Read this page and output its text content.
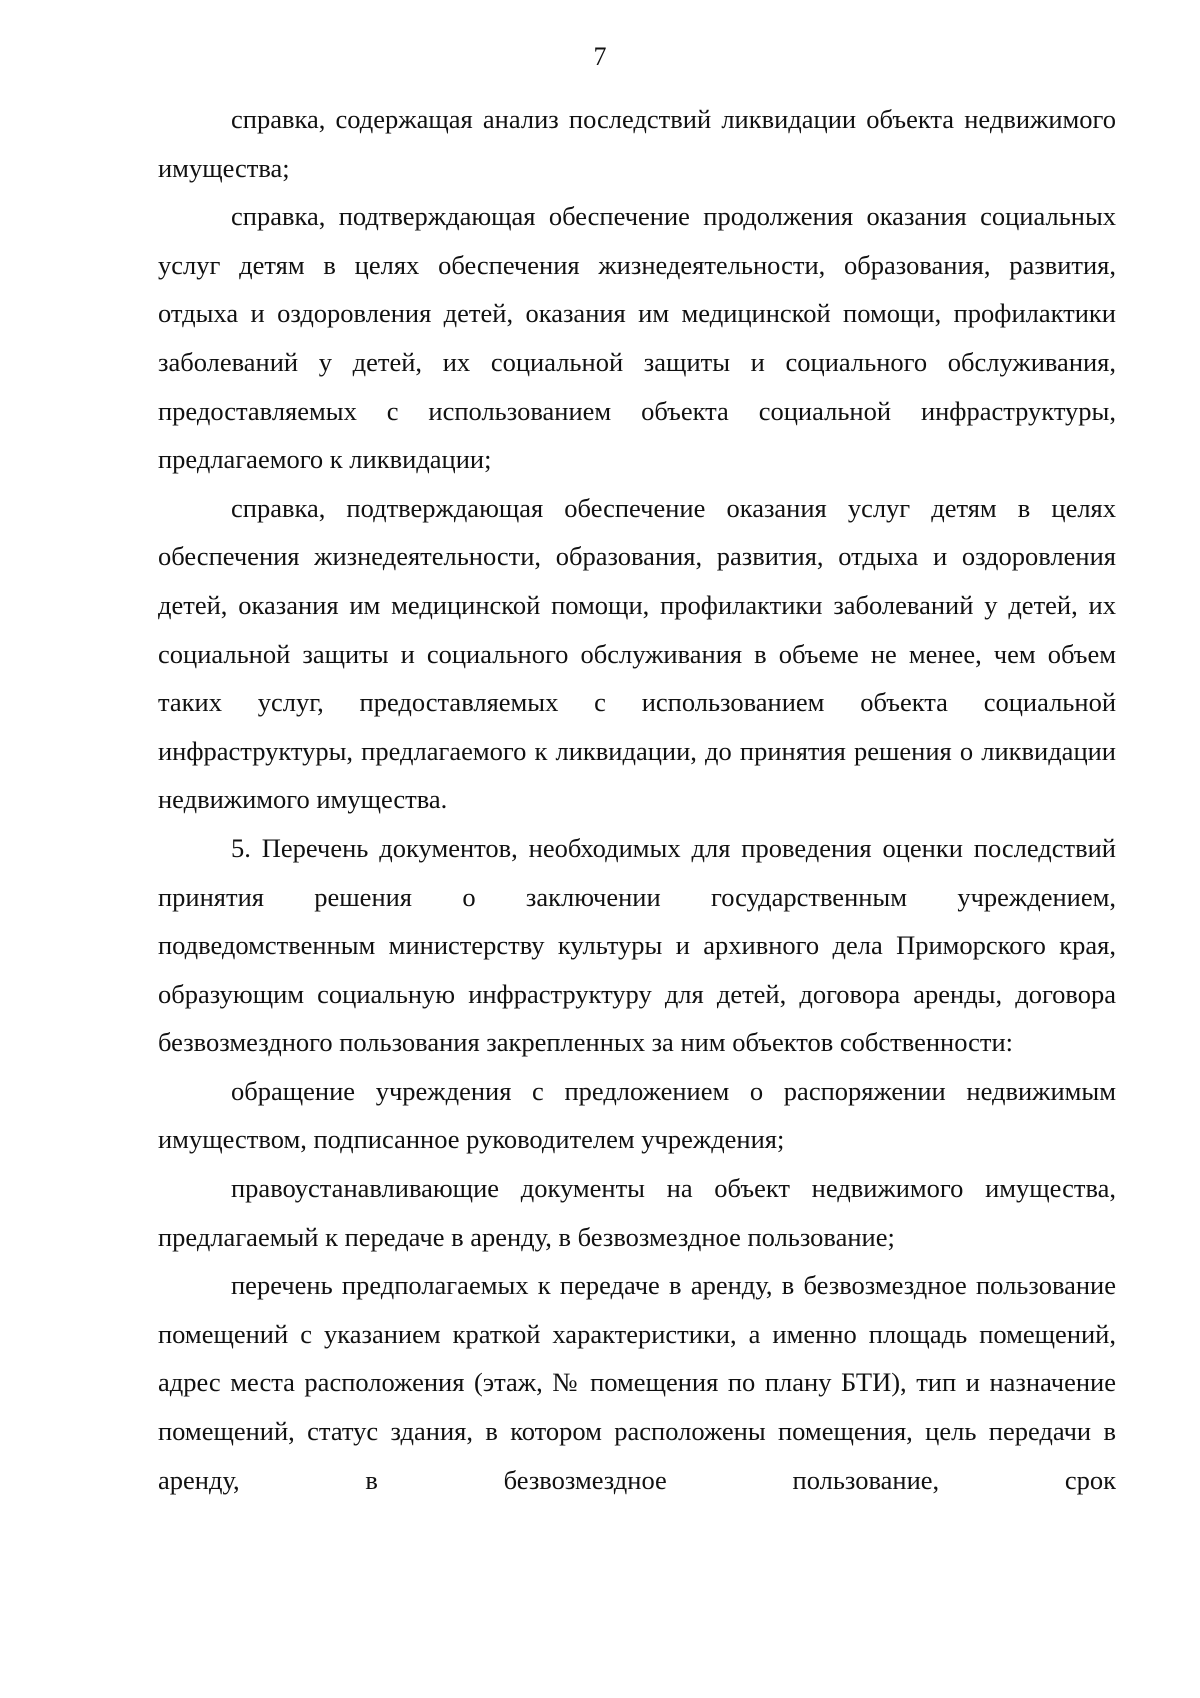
7

справка, содержащая анализ последствий ликвидации объекта недвижимого имущества;

справка, подтверждающая обеспечение продолжения оказания социальных услуг детям в целях обеспечения жизнедеятельности, образования, развития, отдыха и оздоровления детей, оказания им медицинской помощи, профилактики заболеваний у детей, их социальной защиты и социального обслуживания, предоставляемых с использованием объекта социальной инфраструктуры, предлагаемого к ликвидации;

справка, подтверждающая обеспечение оказания услуг детям в целях обеспечения жизнедеятельности, образования, развития, отдыха и оздоровления детей, оказания им медицинской помощи, профилактики заболеваний у детей, их социальной защиты и социального обслуживания в объеме не менее, чем объем таких услуг, предоставляемых с использованием объекта социальной инфраструктуры, предлагаемого к ликвидации, до принятия решения о ликвидации недвижимого имущества.

5. Перечень документов, необходимых для проведения оценки последствий принятия решения о заключении государственным учреждением, подведомственным министерству культуры и архивного дела Приморского края, образующим социальную инфраструктуру для детей, договора аренды, договора безвозмездного пользования закрепленных за ним объектов собственности:

обращение учреждения с предложением о распоряжении недвижимым имуществом, подписанное руководителем учреждения;

правоустанавливающие документы на объект недвижимого имущества, предлагаемый к передаче в аренду, в безвозмездное пользование;

перечень предполагаемых к передаче в аренду, в безвозмездное пользование помещений с указанием краткой характеристики, а именно площадь помещений, адрес места расположения (этаж, № помещения по плану БТИ), тип и назначение помещений, статус здания, в котором расположены помещения, цель передачи в аренду, в безвозмездное пользование, срок
